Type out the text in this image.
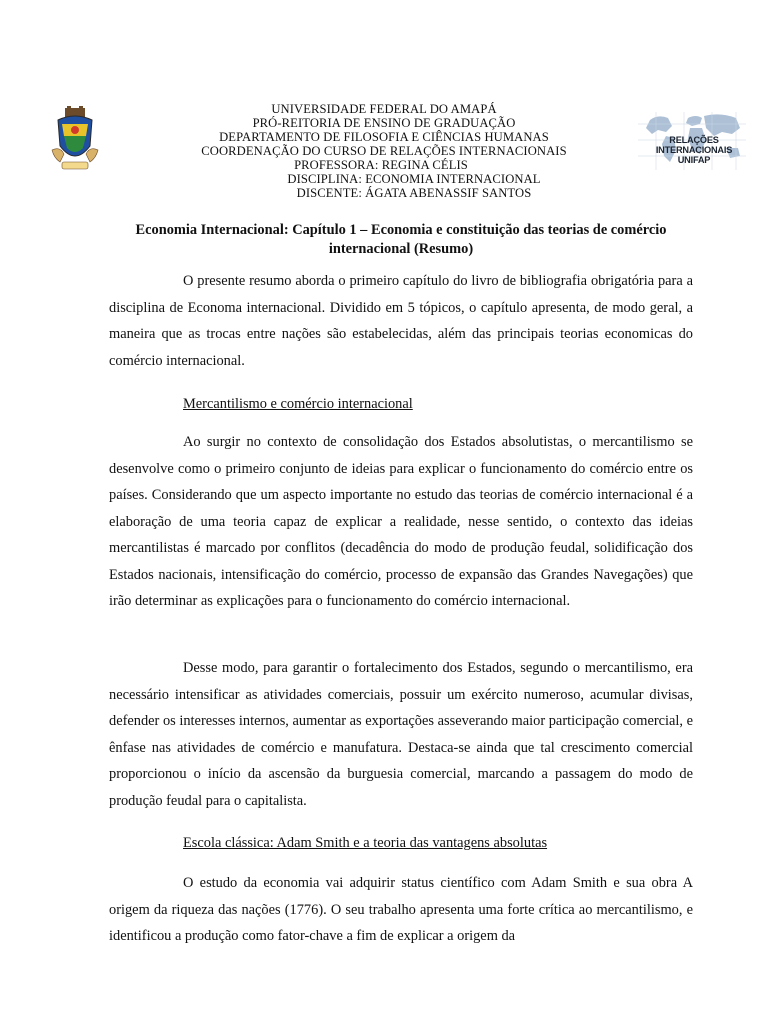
UNIVERSIDADE FEDERAL DO AMAPÁ
PRÓ-REITORIA DE ENSINO DE GRADUAÇÃO
DEPARTAMENTO DE FILOSOFIA E CIÊNCIAS HUMANAS
COORDENAÇÃO DO CURSO DE RELAÇÕES INTERNACIONAIS
PROFESSORA: REGINA CÉLIS
DISCIPLINA: ECONOMIA INTERNACIONAL
DISCENTE: ÁGATA ABENASSIF SANTOS
RELAÇÕES INTERNACIONAIS
UNIFAP
Economia Internacional: Capítulo 1 – Economia e constituição das teorias de comércio internacional (Resumo)

O presente resumo aborda o primeiro capítulo do livro de bibliografia obrigatória para a disciplina de Economa internacional. Dividido em 5 tópicos, o capítulo apresenta, de modo geral, a maneira que as trocas entre nações são estabelecidas, além das principais teorias economicas do comércio internacional.

Mercantilismo e comércio internacional

Ao surgir no contexto de consolidação dos Estados absolutistas, o mercantilismo se desenvolve como o primeiro conjunto de ideias para explicar o funcionamento do comércio entre os países. Considerando que um aspecto importante no estudo das teorias de comércio internacional é a elaboração de uma teoria capaz de explicar a realidade, nesse sentido, o contexto das ideias mercantilistas é marcado por conflitos (decadência do modo de produção feudal, solidificação dos Estados nacionais, intensificação do comércio, processo de expansão das Grandes Navegações) que irão determinar as explicações para o funcionamento do comércio internacional.

Desse modo, para garantir o fortalecimento dos Estados, segundo o mercantilismo, era necessário intensificar as atividades comerciais, possuir um exército numeroso, acumular divisas, defender os interesses internos, aumentar as exportações asseverando maior participação comercial, e ênfase nas atividades de comércio e manufatura. Destaca-se ainda que tal crescimento comercial proporcionou o início da ascensão da burguesia comercial, marcando a passagem do modo de produção feudal para o capitalista.

Escola clássica: Adam Smith e a teoria das vantagens absolutas

O estudo da economia vai adquirir status científico com Adam Smith e sua obra A origem da riqueza das nações (1776). O seu trabalho apresenta uma forte crítica ao mercantilismo, e identificou a produção como fator-chave a fim de explicar a origem da
